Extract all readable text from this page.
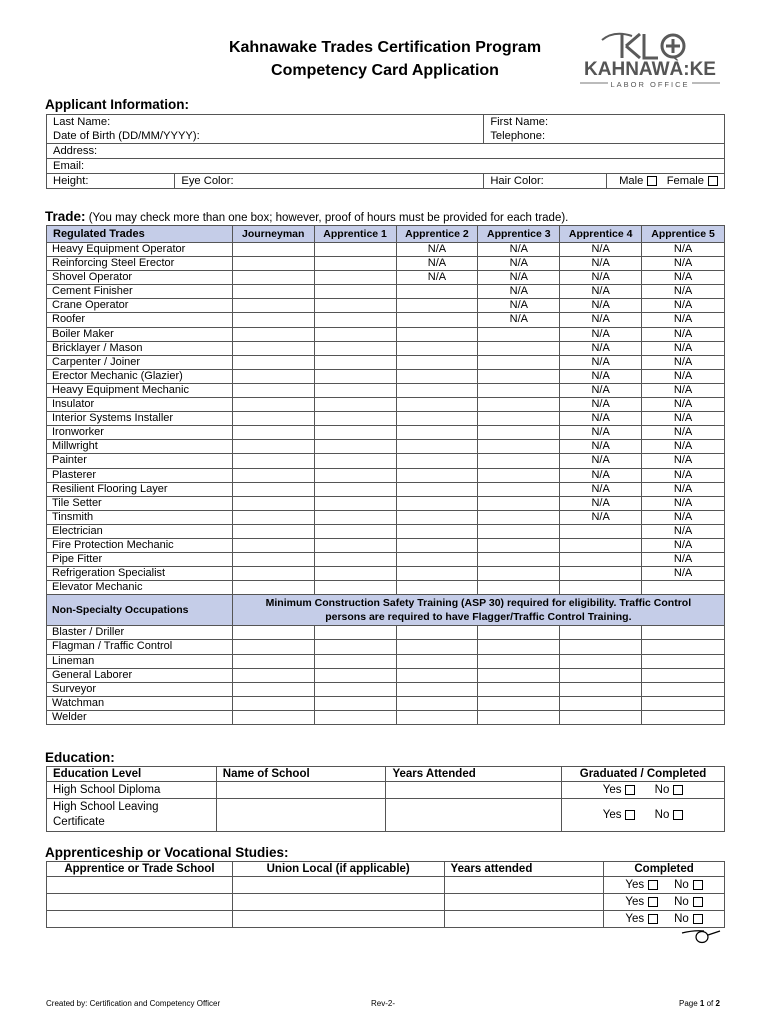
Kahnawake Trades Certification Program
Competency Card Application	KAHNAWÀ:KE
LABOR OFFICE
Applicant Information:
Last Name:		First Name:	
Date of Birth (DD/MM/YYYY):		Telephone:	
Address:			
Email:			
Height:	Eye Color:	Hair Color:	Male Female
Trade: (You may check more than one box; however, proof of hours must be provided for each trade).
Regulated Trades	Journeyman	Apprentice 1	Apprentice 2	Apprentice 3	Apprentice 4	Apprentice 5
Heavy Equipment Operator			N/A	N/A	N/A	N/A
Reinforcing Steel Erector			N/A	N/A	N/A	N/A
Shovel Operator			N/A	N/A	N/A	N/A
Cement Finisher				N/A	N/A	N/A
Crane Operator				N/A	N/A	N/A
Roofer				N/A	N/A	N/A
Boiler Maker					N/A	N/A
Bricklayer / Mason					N/A	N/A
Carpenter / Joiner					N/A	N/A
Erector Mechanic (Glazier)					N/A	N/A
Heavy Equipment Mechanic					N/A	N/A
Insulator					N/A	N/A
Interior Systems Installer					N/A	N/A
Ironworker					N/A	N/A
Millwright					N/A	N/A
Painter					N/A	N/A
Plasterer					N/A	N/A
Resilient Flooring Layer					N/A	N/A
Tile Setter					N/A	N/A
Tinsmith					N/A	N/A
Electrician						N/A
Fire Protection Mechanic						N/A
Pipe Fitter						N/A
Refrigeration Specialist						N/A
Elevator Mechanic						
Non-Specialty Occupations	Minimum Construction Safety Training (ASP 30) required for eligibility. Traffic Control persons are required to have Flagger/Traffic Control Training.					
Blaster / Driller						
Flagman / Traffic Control						
Lineman						
General Laborer						
Surveyor						
Watchman						
Welder						
Education:
Education Level	Name of School	Years Attended	Graduated / Completed
High School Diploma			Yes No
High School Leaving Certificate			Yes No
Apprenticeship or Vocational Studies:
Apprentice or Trade School	Union Local (if applicable)	Years attended	Completed
			Yes No
			Yes No
			Yes No
Created by: Certification and Competency Officer	Rev-2-	Page 1 of 2
